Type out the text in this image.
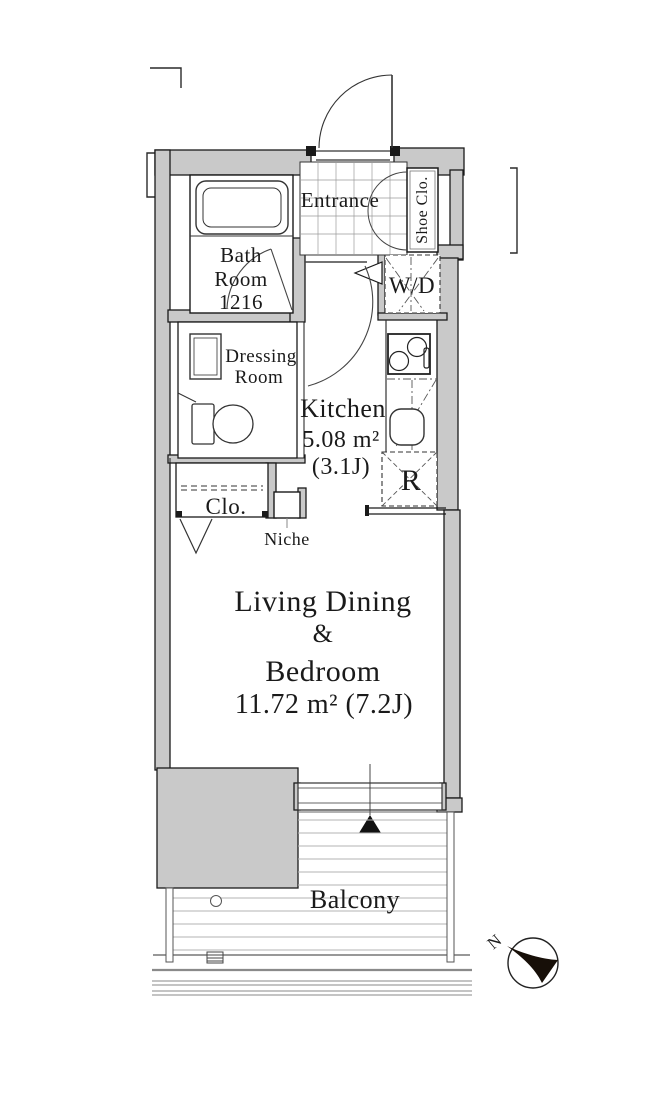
Entrance Shoe Clo.
Bath
Room
1216
W/D
Dressing
Room
Kitchen
5.08 m²
(3.1J) R
Clo.
Niche
Living Dining
&
Bedroom
11.72 m² (7.2J)
Balcony
N
